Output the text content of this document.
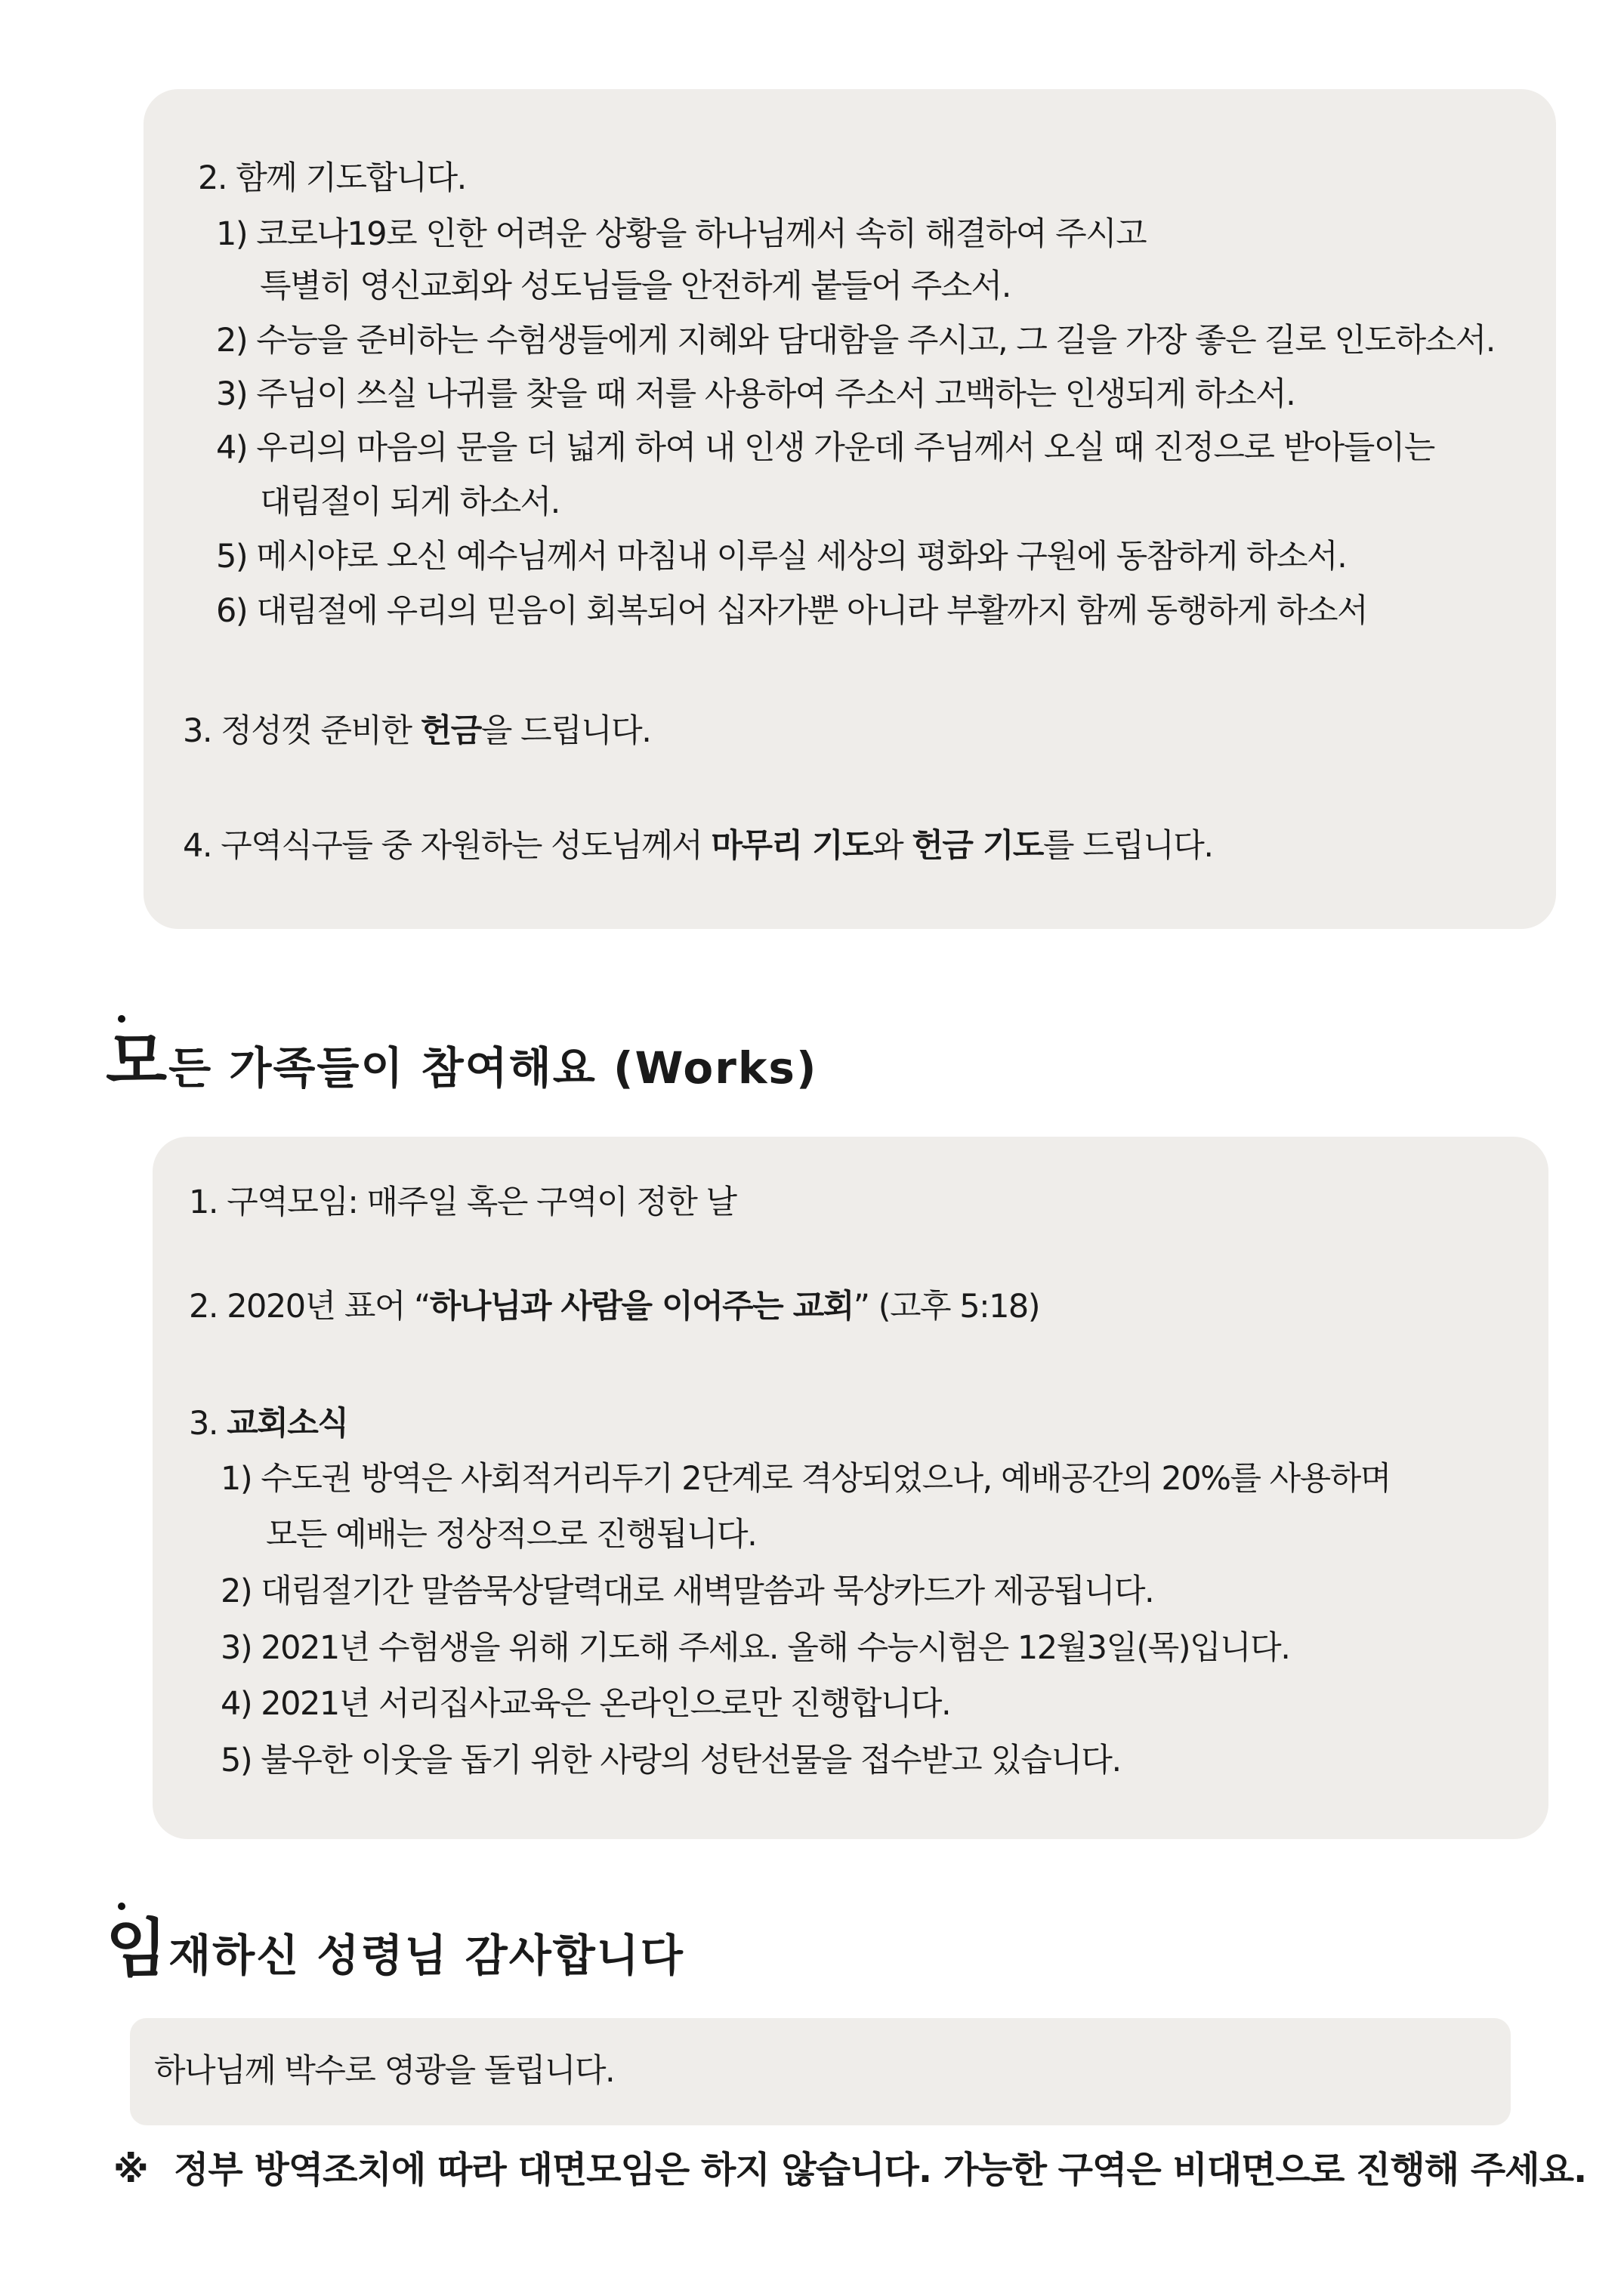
2. 함께 기도합니다.
1) 코로나19로 인한 어려운 상황을 하나님께서 속히 해결하여 주시고
특별히 영신교회와 성도님들을 안전하게 붙들어 주소서.
2) 수능을 준비하는 수험생들에게 지혜와 담대함을 주시고, 그 길을 가장 좋은 길로 인도하소서.
3) 주님이 쓰실 나귀를 찾을 때 저를 사용하여 주소서 고백하는 인생되게 하소서.
4) 우리의 마음의 문을 더 넓게 하여 내 인생 가운데 주님께서 오실 때 진정으로 받아들이는
대림절이 되게 하소서.
5) 메시야로 오신 예수님께서 마침내 이루실 세상의 평화와 구원에 동참하게 하소서.
6) 대림절에 우리의 믿음이 회복되어 십자가뿐 아니라 부활까지 함께 동행하게 하소서
3. 정성껏 준비한 헌금을 드립니다.
4. 구역식구들 중 자원하는 성도님께서 마무리 기도와 헌금 기도를 드립니다.
모든 가족들이 참여해요 (Works)
1. 구역모임: 매주일 혹은 구역이 정한 날
2. 2020년 표어 “하나님과 사람을 이어주는 교회” (고후 5:18)
3. 교회소식
1) 수도권 방역은 사회적거리두기 2단계로 격상되었으나, 예배공간의 20%를 사용하며
모든 예배는 정상적으로 진행됩니다.
2) 대림절기간 말씀묵상달력대로 새벽말씀과 묵상카드가 제공됩니다.
3) 2021년 수험생을 위해 기도해 주세요. 올해 수능시험은 12월3일(목)입니다.
4) 2021년 서리집사교육은 온라인으로만 진행합니다.
5) 불우한 이웃을 돕기 위한 사랑의 성탄선물을 접수받고 있습니다.
임재하신 성령님 감사합니다
하나님께 박수로 영광을 돌립니다.
※ 정부 방역조치에 따라 대면모임은 하지 않습니다. 가능한 구역은 비대면으로 진행해 주세요.
